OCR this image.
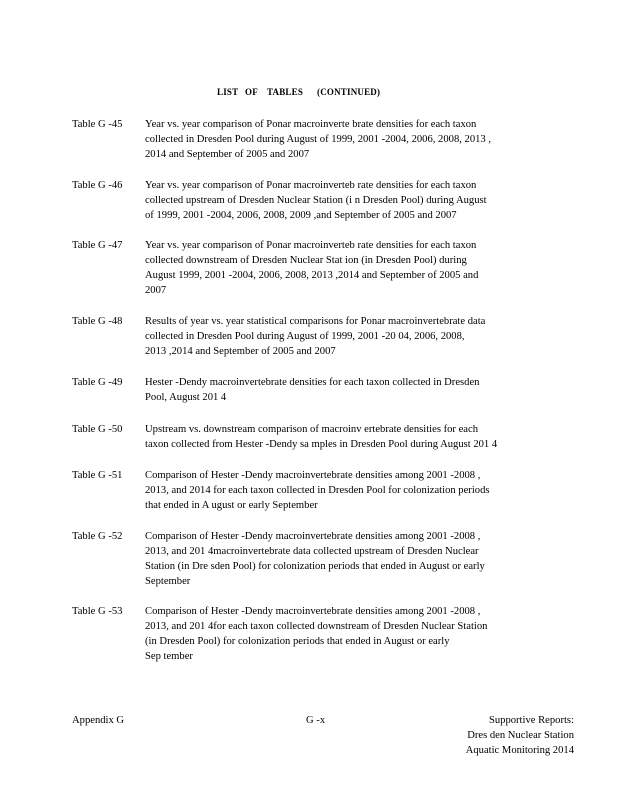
LIST OF TABLES (CONTINUED)
Table G -45 Year vs. year comparison of Ponar macroinverte brate densities for each taxon
collected in Dresden Pool during August of 1999, 2001 -2004, 2006, 2008, 2013 ,
2014 and September of 2005 and 2007
Table G -46 Year vs. year comparison of Ponar macroinverteb rate densities for each taxon
collected upstream of Dresden Nuclear Station (i n Dresden Pool) during August
of 1999, 2001 -2004, 2006, 2008, 2009 ,and September of 2005 and 2007
Table G -47 Year vs. year comparison of Ponar macroinverteb rate densities for each taxon
collected downstream of Dresden Nuclear Stat ion (in Dresden Pool) during
August 1999, 2001 -2004, 2006, 2008, 2013 ,2014 and September of 2005 and
2007
Table G -48 Results of year vs. year statistical comparisons for Ponar macroinvertebrate data
collected in Dresden Pool during August of 1999, 2001 -20 04, 2006, 2008,
2013 ,2014 and September of 2005 and 2007
Table G -49 Hester -Dendy macroinvertebrate densities for each taxon collected in Dresden
Pool, August 201 4
Table G -50 Upstream vs. downstream comparison of macroinv ertebrate densities for each
taxon collected from Hester -Dendy sa mples in Dresden Pool during August 201 4
Table G -51 Comparison of Hester -Dendy macroinvertebrate densities among 2001 -2008 ,
2013, and 2014 for each taxon collected in Dresden Pool for colonization periods
that ended in A ugust or early September
Table G -52 Comparison of Hester -Dendy macroinvertebrate densities among 2001 -2008 ,
2013, and 201 4macroinvertebrate data collected upstream of Dresden Nuclear
Station (in Dre sden Pool) for colonization periods that ended in August or early
September
Table G -53 Comparison of Hester -Dendy macroinvertebrate densities among 2001 -2008 ,
2013, and 201 4for each taxon collected downstream of Dresden Nuclear Station
(in Dresden Pool) for colonization periods that ended in August or early
Sep tember
Appendix G	G -x	Supportive Reports:
Dres den Nuclear Station
Aquatic Monitoring 2014
